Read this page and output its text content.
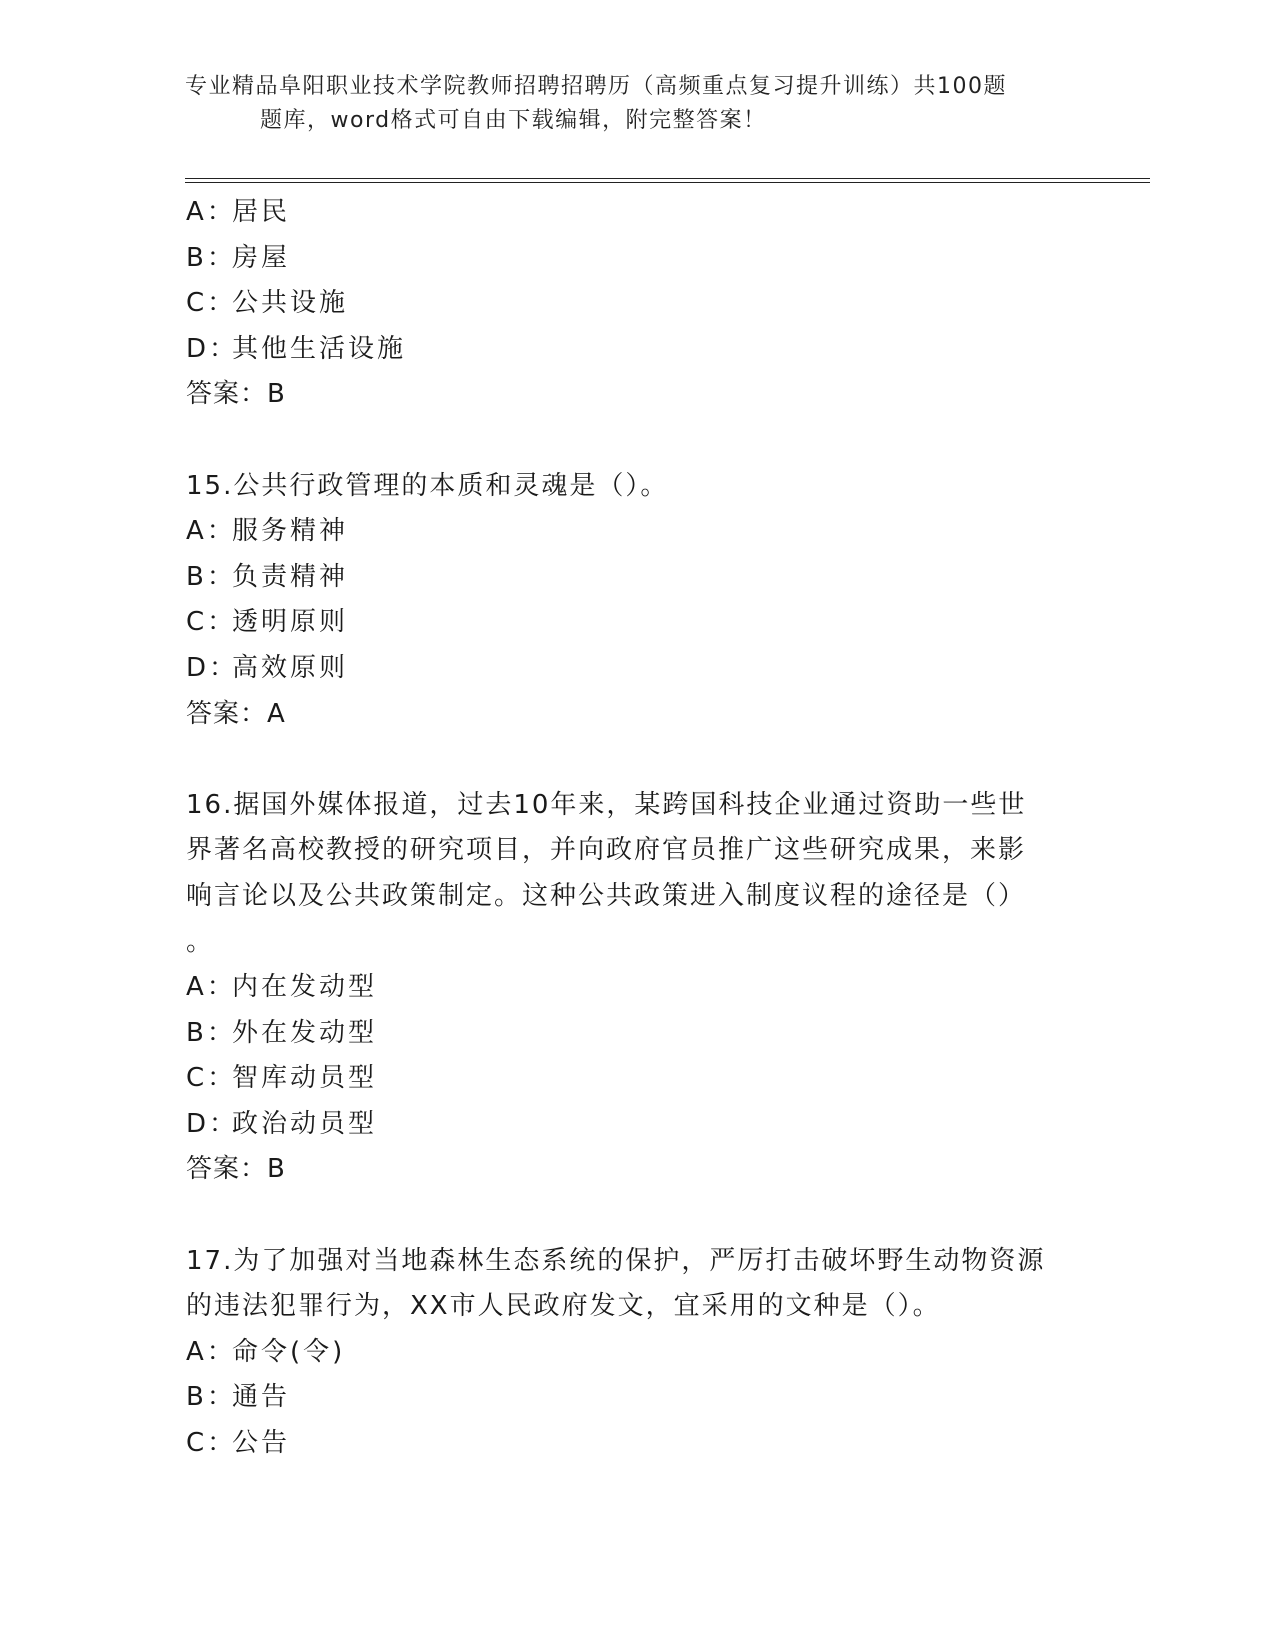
专业精品阜阳职业技术学院教师招聘招聘历（高频重点复习提升训练）共100题
题库，word格式可自由下载编辑，附完整答案！
A：居民
B：房屋
C：公共设施
D：其他生活设施
答案：B
15.公共行政管理的本质和灵魂是（）。
A：服务精神
B：负责精神
C：透明原则
D：高效原则
答案：A
16.据国外媒体报道，过去10年来，某跨国科技企业通过资助一些世
界著名高校教授的研究项目，并向政府官员推广这些研究成果，来影
响言论以及公共政策制定。这种公共政策进入制度议程的途径是（）
。
A：内在发动型
B：外在发动型
C：智库动员型
D：政治动员型
答案：B
17.为了加强对当地森林生态系统的保护，严厉打击破坏野生动物资源
的违法犯罪行为，XX市人民政府发文，宜采用的文种是（）。
A：命令(令)
B：通告
C：公告
